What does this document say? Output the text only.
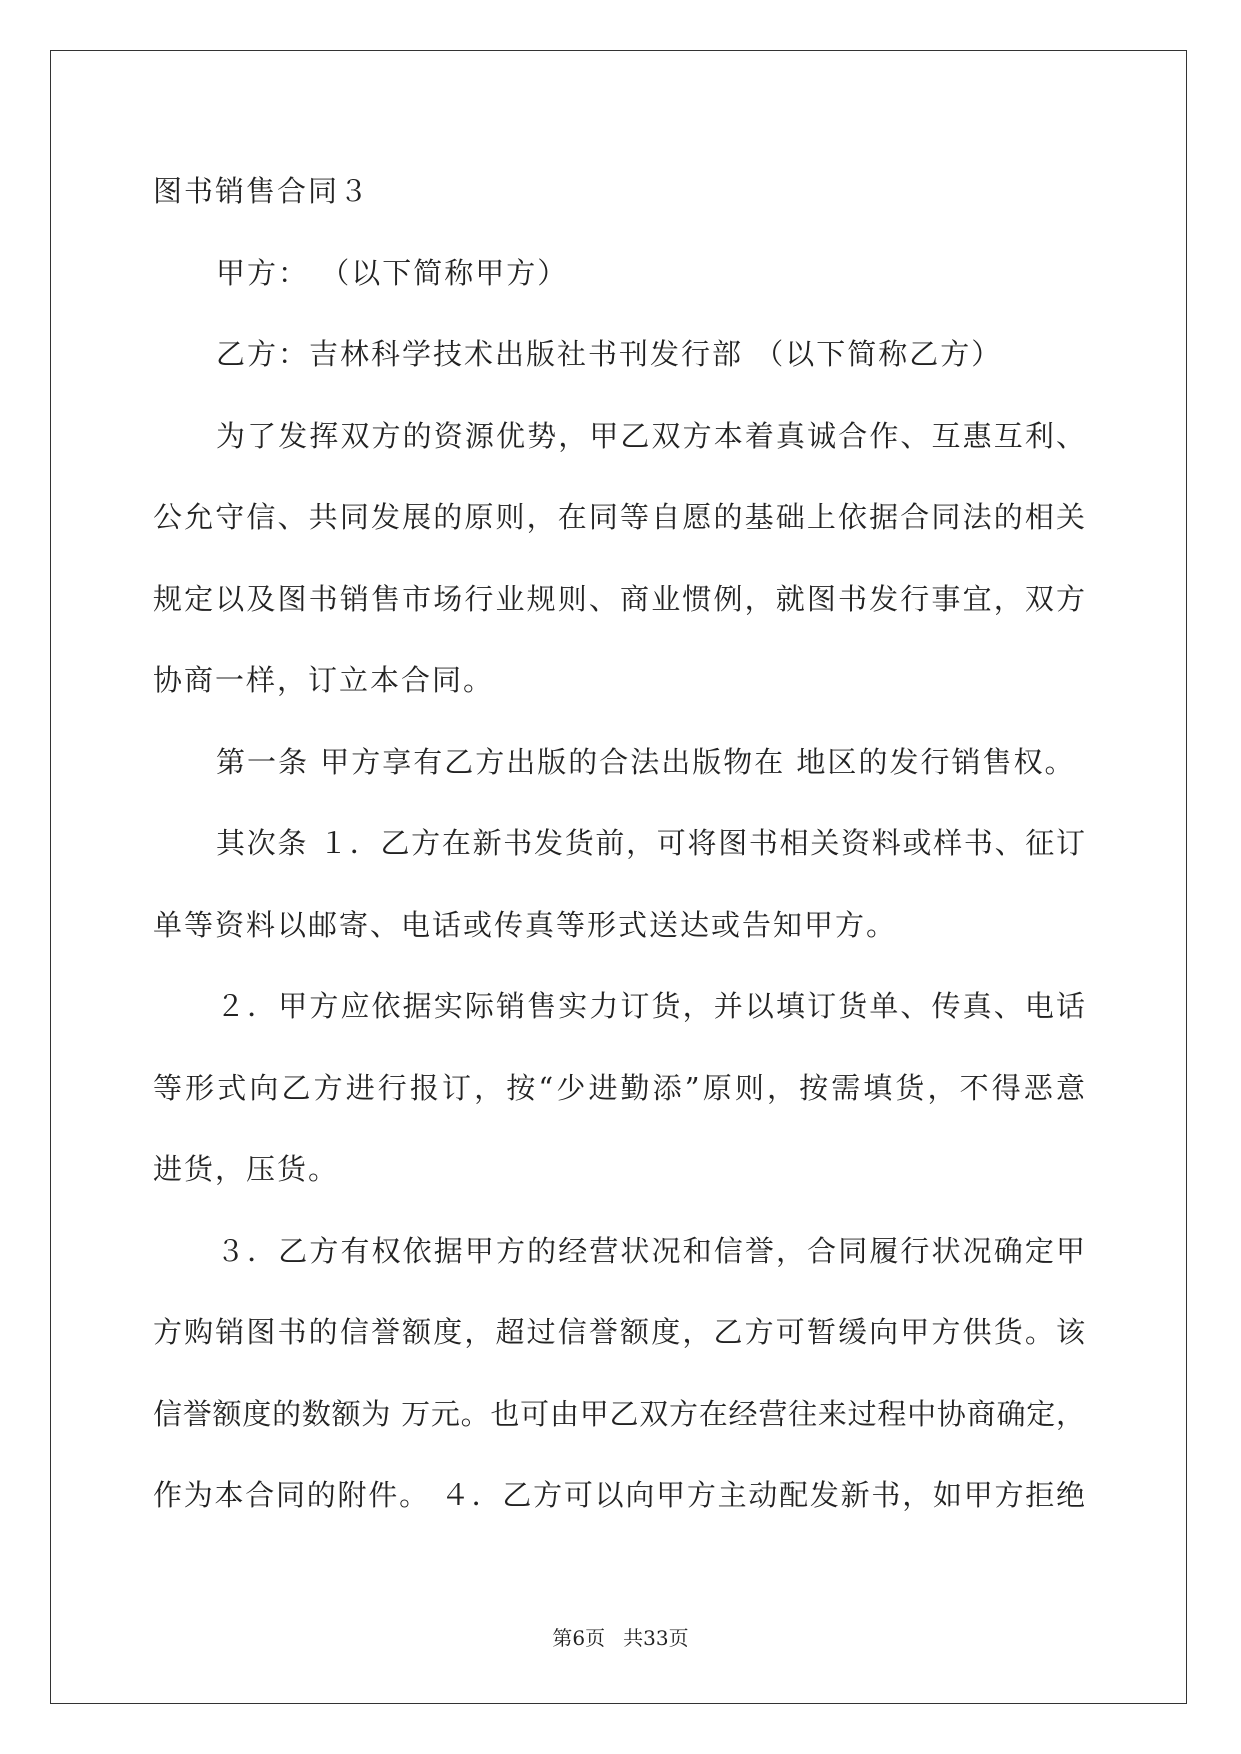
图书销售合同３
甲方： （以下简称甲方）
乙方：吉林科学技术出版社书刊发行部 （以下简称乙方）
为了发挥双方的资源优势，甲乙双方本着真诚合作、互惠互利、
公允守信、共同发展的原则，在同等自愿的基础上依据合同法的相关
规定以及图书销售市场行业规则、商业惯例，就图书发行事宜，双方
协商一样，订立本合同。
第一条 甲方享有乙方出版的合法出版物在 地区的发行销售权。
其次条 １．乙方在新书发货前，可将图书相关资料或样书、征订
单等资料以邮寄、电话或传真等形式送达或告知甲方。
２．甲方应依据实际销售实力订货，并以填订货单、传真、电话
等形式向乙方进行报订，按“少进勤添”原则，按需填货，不得恶意
进货，压货。
３．乙方有权依据甲方的经营状况和信誉，合同履行状况确定甲
方购销图书的信誉额度，超过信誉额度，乙方可暂缓向甲方供货。该
信誉额度的数额为 万元。也可由甲乙双方在经营往来过程中协商确定，
作为本合同的附件。 ４．乙方可以向甲方主动配发新书，如甲方拒绝
第6页 共33页
